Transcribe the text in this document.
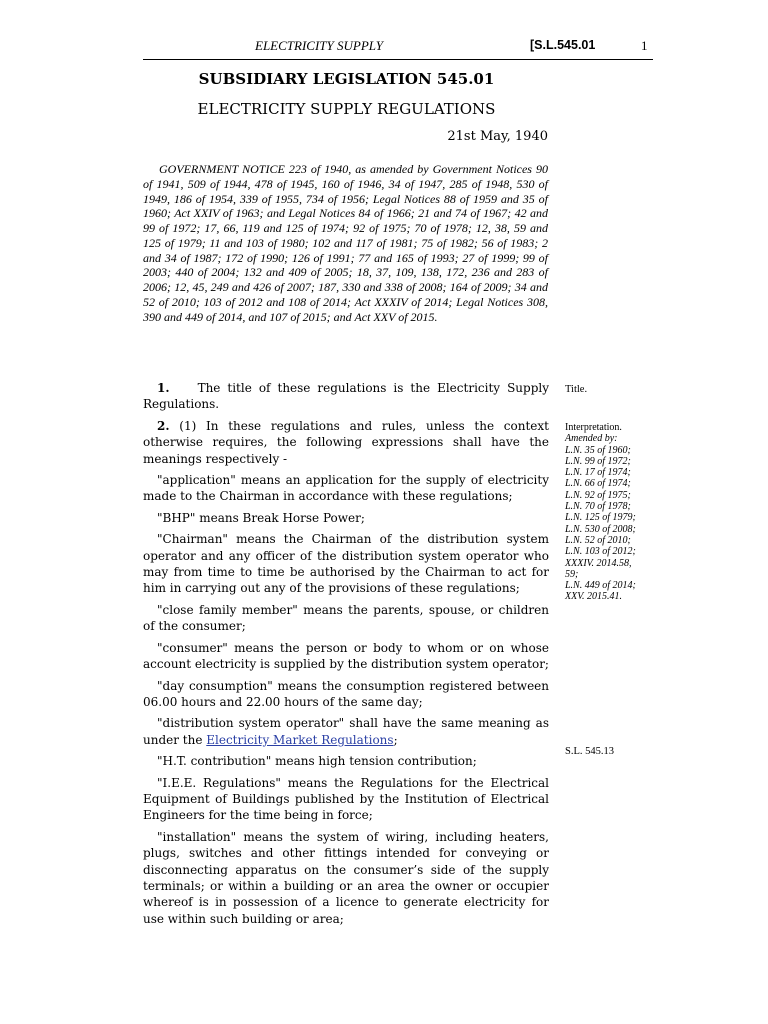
ELECTRICITY SUPPLY	[S.L.545.01	1
SUBSIDIARY LEGISLATION 545.01
ELECTRICITY SUPPLY REGULATIONS
21st May, 1940
GOVERNMENT NOTICE 223 of 1940, as amended by Government Notices 90 of 1941, 509 of 1944, 478 of 1945, 160 of 1946, 34 of 1947, 285 of 1948, 530 of 1949, 186 of 1954, 339 of 1955, 734 of 1956; Legal Notices 88 of 1959 and 35 of 1960; Act XXIV of 1963; and Legal Notices 84 of 1966; 21 and 74 of 1967; 42 and 99 of 1972; 17, 66, 119 and 125 of 1974; 92 of 1975; 70 of 1978; 12, 38, 59 and 125 of 1979; 11 and 103 of 1980; 102 and 117 of 1981; 75 of 1982; 56 of 1983; 2 and 34 of 1987; 172 of 1990; 126 of 1991; 77 and 165 of 1993; 27 of 1999; 99 of 2003; 440 of 2004; 132 and 409 of 2005; 18, 37, 109, 138, 172, 236 and 283 of 2006; 12, 45, 249 and 426 of 2007; 187, 330 and 338 of 2008; 164 of 2009; 34 and 52 of 2010; 103 of 2012 and 108 of 2014; Act XXXIV of 2014; Legal Notices 308, 390 and 449 of 2014, and 107 of 2015; and Act XXV of 2015.

1. The title of these regulations is the Electricity Supply Regulations.

2. (1) In these regulations and rules, unless the context otherwise requires, the following expressions shall have the meanings respectively -

"application" means an application for the supply of electricity made to the Chairman in accordance with these regulations;

"BHP" means Break Horse Power;

"Chairman" means the Chairman of the distribution system operator and any officer of the distribution system operator who may from time to time be authorised by the Chairman to act for him in carrying out any of the provisions of these regulations;

"close family member" means the parents, spouse, or children of the consumer;

"consumer" means the person or body to whom or on whose account electricity is supplied by the distribution system operator;

"day consumption" means the consumption registered between 06.00 hours and 22.00 hours of the same day;

"distribution system operator" shall have the same meaning as under the Electricity Market Regulations;

"H.T. contribution" means high tension contribution;

"I.E.E. Regulations" means the Regulations for the Electrical Equipment of Buildings published by the Institution of Electrical Engineers for the time being in force;

"installation" means the system of wiring, including heaters, plugs, switches and other fittings intended for conveying or disconnecting apparatus on the consumer’s side of the supply terminals; or within a building or an area the owner or occupier whereof is in possession of a licence to generate electricity for use within such building or area;

Title.
Interpretation.
Amended by:
L.N. 35 of 1960;
L.N. 99 of 1972;
L.N. 17 of 1974;
L.N. 66 of 1974;
L.N. 92 of 1975;
L.N. 70 of 1978;
L.N. 125 of 1979;
L.N. 530 of 2008;
L.N. 52 of 2010;
L.N. 103 of 2012;
XXXIV. 2014.58,
59;
L.N. 449 of 2014;
XXV. 2015.41.
S.L. 545.13
